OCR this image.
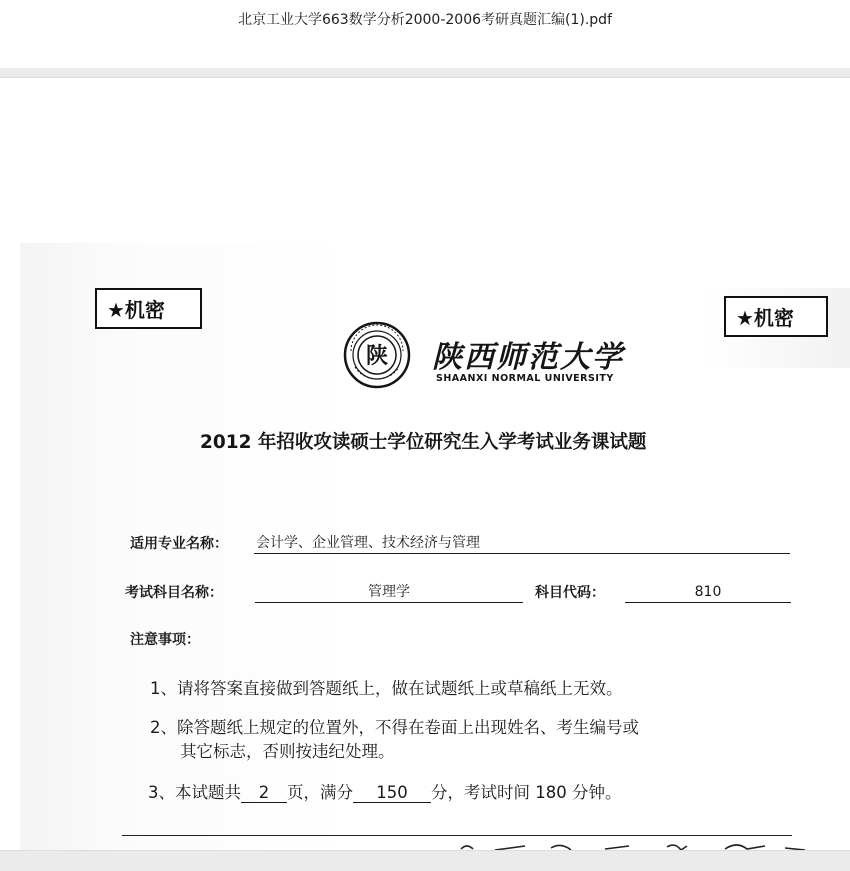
北京工业大学663数学分析2000-2006考研真题汇编(1).pdf
★机密	★机密
陕 陕西师范大学
SHAANXI NORMAL UNIVERSITY
2012 年招收攻读硕士学位研究生入学考试业务课试题
适用专业名称： 会计学、企业管理、技术经济与管理
考试科目名称：	管理学	科目代码：	810
注意事项：
1、请将答案直接做到答题纸上，做在试题纸上或草稿纸上无效。
2、除答题纸上规定的位置外，不得在卷面上出现姓名、考生编号或
其它标志，否则按违纪处理。
3、本试题共 2 页，满分 150 分，考试时间 180 分钟。
